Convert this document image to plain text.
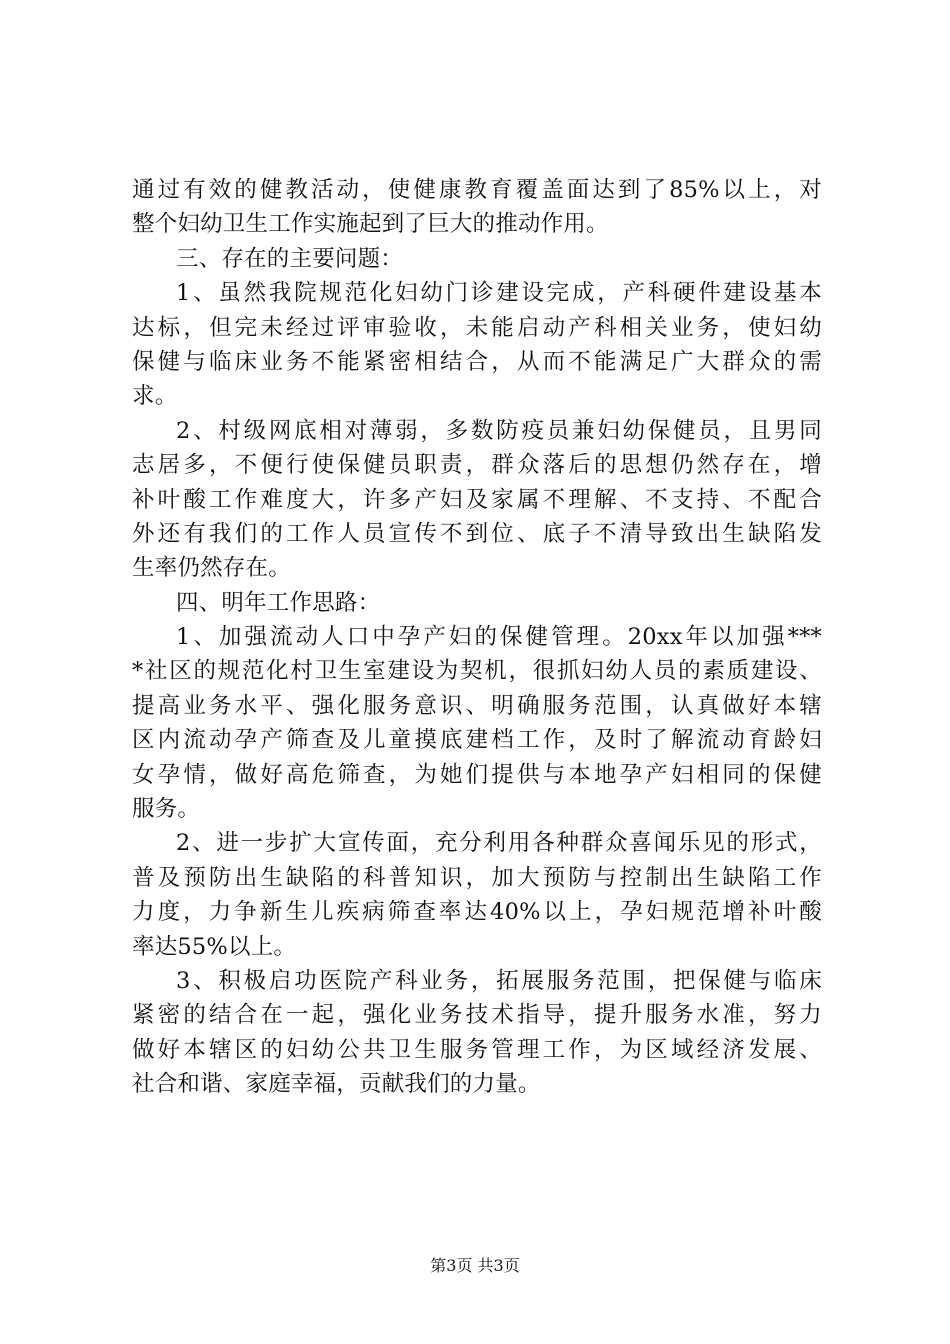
通过有效的健教活动，使健康教育覆盖面达到了85%以上，对
整个妇幼卫生工作实施起到了巨大的推动作用。
三、存在的主要问题：
1、虽然我院规范化妇幼门诊建设完成，产科硬件建设基本
达标，但完未经过评审验收，未能启动产科相关业务，使妇幼
保健与临床业务不能紧密相结合，从而不能满足广大群众的需
求。
2、村级网底相对薄弱，多数防疫员兼妇幼保健员，且男同
志居多，不便行使保健员职责，群众落后的思想仍然存在，增
补叶酸工作难度大，许多产妇及家属不理解、不支持、不配合
外还有我们的工作人员宣传不到位、底子不清导致出生缺陷发
生率仍然存在。
四、明年工作思路：
1、加强流动人口中孕产妇的保健管理。20xx年以加强***
*社区的规范化村卫生室建设为契机，很抓妇幼人员的素质建设、
提高业务水平、强化服务意识、明确服务范围，认真做好本辖
区内流动孕产筛查及儿童摸底建档工作，及时了解流动育龄妇
女孕情，做好高危筛查，为她们提供与本地孕产妇相同的保健
服务。
2、进一步扩大宣传面，充分利用各种群众喜闻乐见的形式，
普及预防出生缺陷的科普知识，加大预防与控制出生缺陷工作
力度，力争新生儿疾病筛查率达40%以上，孕妇规范增补叶酸
率达55%以上。
3、积极启功医院产科业务，拓展服务范围，把保健与临床
紧密的结合在一起，强化业务技术指导，提升服务水准，努力
做好本辖区的妇幼公共卫生服务管理工作，为区域经济发展、
社合和谐、家庭幸福，贡献我们的力量。
第3页 共3页
